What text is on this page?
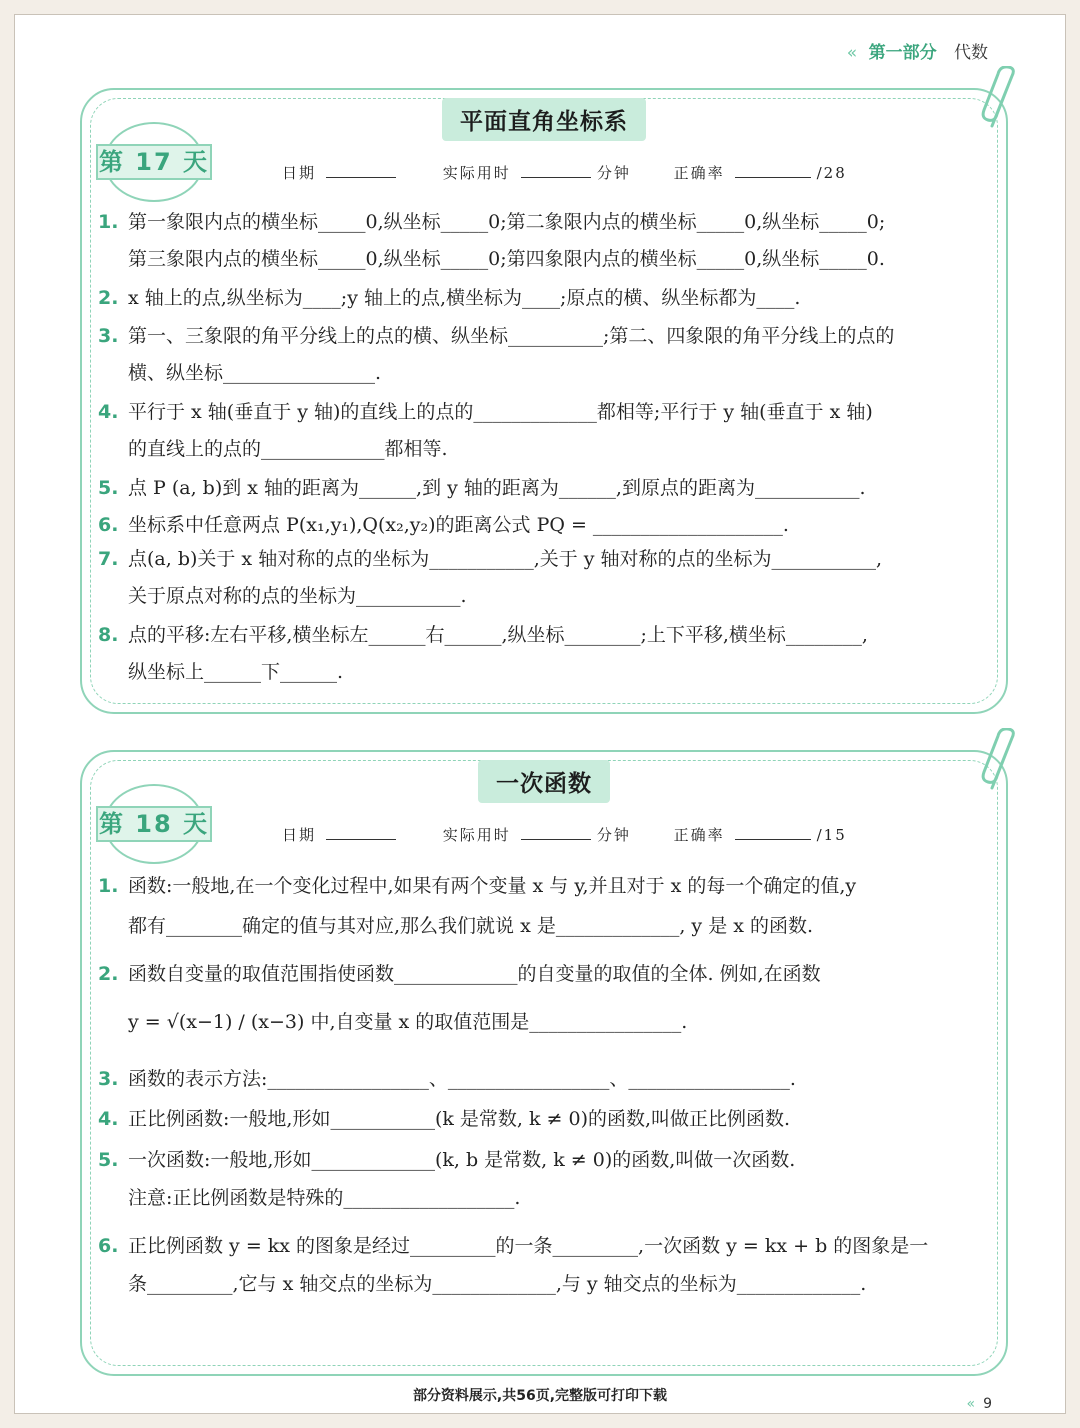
« 第一部分 代数
平面直角坐标系
第 17 天	日期	实际用时	分钟	正确率	/28
1. 第一象限内点的横坐标_____0,纵坐标_____0;第二象限内点的横坐标_____0,纵坐标_____0;
第三象限内点的横坐标_____0,纵坐标_____0;第四象限内点的横坐标_____0,纵坐标_____0.
2. x 轴上的点,纵坐标为____;y 轴上的点,横坐标为____;原点的横、纵坐标都为____.
3. 第一、三象限的角平分线上的点的横、纵坐标__________;第二、四象限的角平分线上的点的
横、纵坐标________________.
4. 平行于 x 轴(垂直于 y 轴)的直线上的点的_____________都相等;平行于 y 轴(垂直于 x 轴)
的直线上的点的_____________都相等.
5. 点 P (a, b)到 x 轴的距离为______,到 y 轴的距离为______,到原点的距离为___________.
6. 坐标系中任意两点 P(x₁,y₁),Q(x₂,y₂)的距离公式 PQ = ____________________.
7. 点(a, b)关于 x 轴对称的点的坐标为___________,关于 y 轴对称的点的坐标为___________,
关于原点对称的点的坐标为___________.
8. 点的平移:左右平移,横坐标左______右______,纵坐标________;上下平移,横坐标________,
纵坐标上______下______.
一次函数
第 18 天	日期	实际用时	分钟	正确率	/15
1. 函数:一般地,在一个变化过程中,如果有两个变量 x 与 y,并且对于 x 的每一个确定的值,y
都有________确定的值与其对应,那么我们就说 x 是_____________, y 是 x 的函数.
2. 函数自变量的取值范围指使函数_____________的自变量的取值的全体. 例如,在函数
y = √(x−1) / (x−3) 中,自变量 x 的取值范围是________________.
3. 函数的表示方法:_________________、_________________、_________________.
4. 正比例函数:一般地,形如___________(k 是常数, k ≠ 0)的函数,叫做正比例函数.
5. 一次函数:一般地,形如_____________(k, b 是常数, k ≠ 0)的函数,叫做一次函数.
注意:正比例函数是特殊的__________________.
6. 正比例函数 y = kx 的图象是经过_________的一条_________,一次函数 y = kx + b 的图象是一
条_________,它与 x 轴交点的坐标为_____________,与 y 轴交点的坐标为_____________.
部分资料展示,共56页,完整版可打印下载	« 9
